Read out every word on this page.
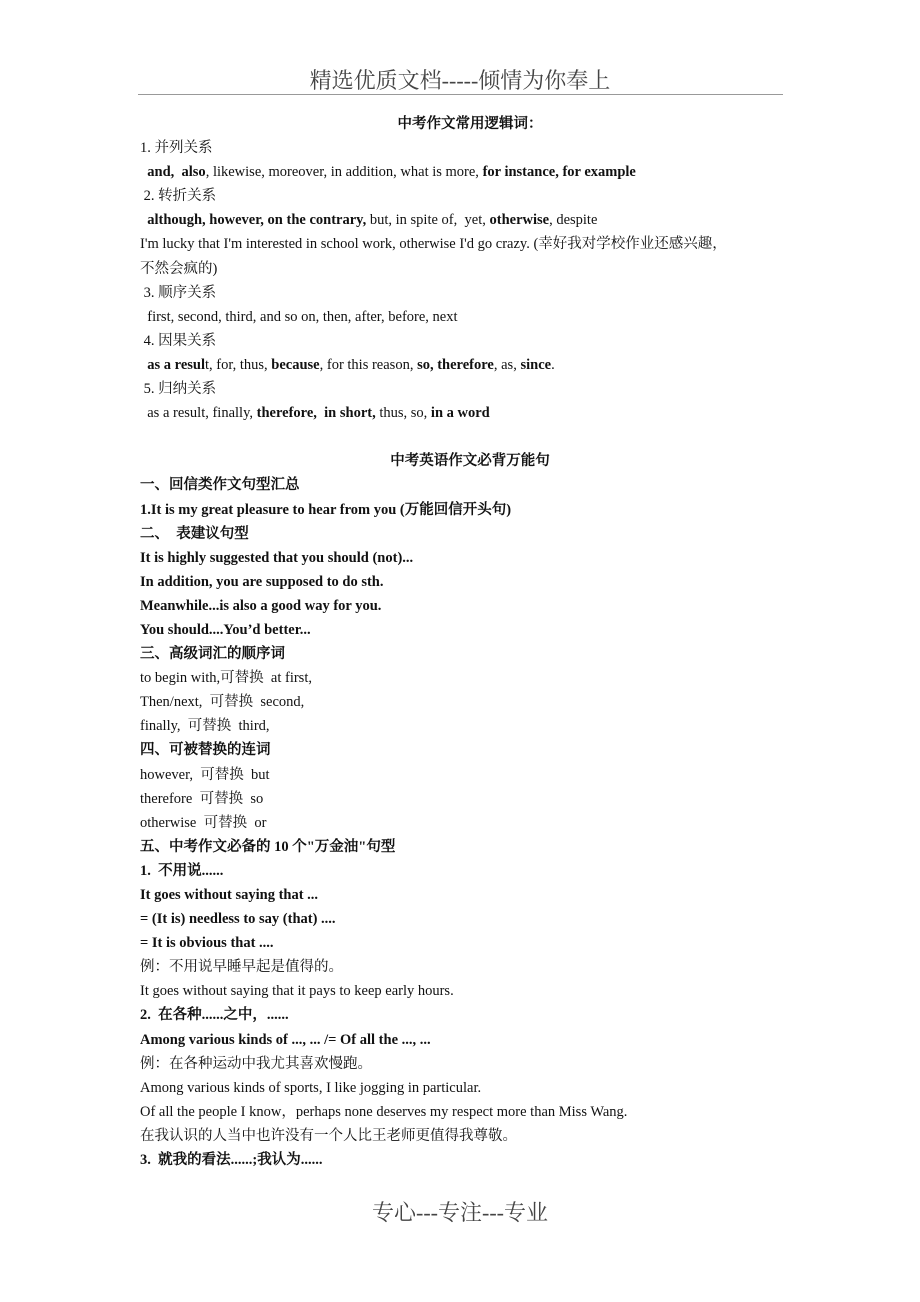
精选优质文档-----倾情为你奉上
中考作文常用逻辑词：
1. 并列关系
and,  also, likewise, moreover, in addition, what is more, for instance, for example
2. 转折关系
although, however, on the contrary, but, in spite of,  yet, otherwise, despite
I'm lucky that I'm interested in school work, otherwise I'd go crazy. (幸好我对学校作业还感兴趣，
不然会疯的)
3. 顺序关系
first, second, third, and so on, then, after, before, next
4. 因果关系
as a result, for, thus, because, for this reason, so, therefore, as, since.
5. 归纳关系
as a result, finally, therefore,  in short, thus, so, in a word
中考英语作文必背万能句
一、回信类作文句型汇总
1.It is my great pleasure to hear from you (万能回信开头句)
二、  表建议句型
It is highly suggested that you should (not)...
In addition, you are supposed to do sth.
Meanwhile...is also a good way for you.
You should....You’d better...
三、高级词汇的顺序词
to begin with,可替换  at first,
Then/next,  可替换  second,
finally,  可替换  third,
四、可被替换的连词
however,  可替换  but
therefore  可替换  so
otherwise  可替换  or
五、中考作文必备的 10 个"万金油"句型
1.  不用说......
It goes without saying that ...
= (It is) needless to say (that) ....
= It is obvious that ....
例：不用说早睡早起是值得的。
It goes without saying that it pays to keep early hours.
2.  在各种......之中，......
Among various kinds of ..., ... /= Of all the ..., ...
例：在各种运动中我尤其喜欢慢跑。
Among various kinds of sports, I like jogging in particular.
Of all the people I know，perhaps none deserves my respect more than Miss Wang.
在我认识的人当中也许没有一个人比王老师更值得我尊敬。
3.  就我的看法......;我认为......
专心---专注---专业
